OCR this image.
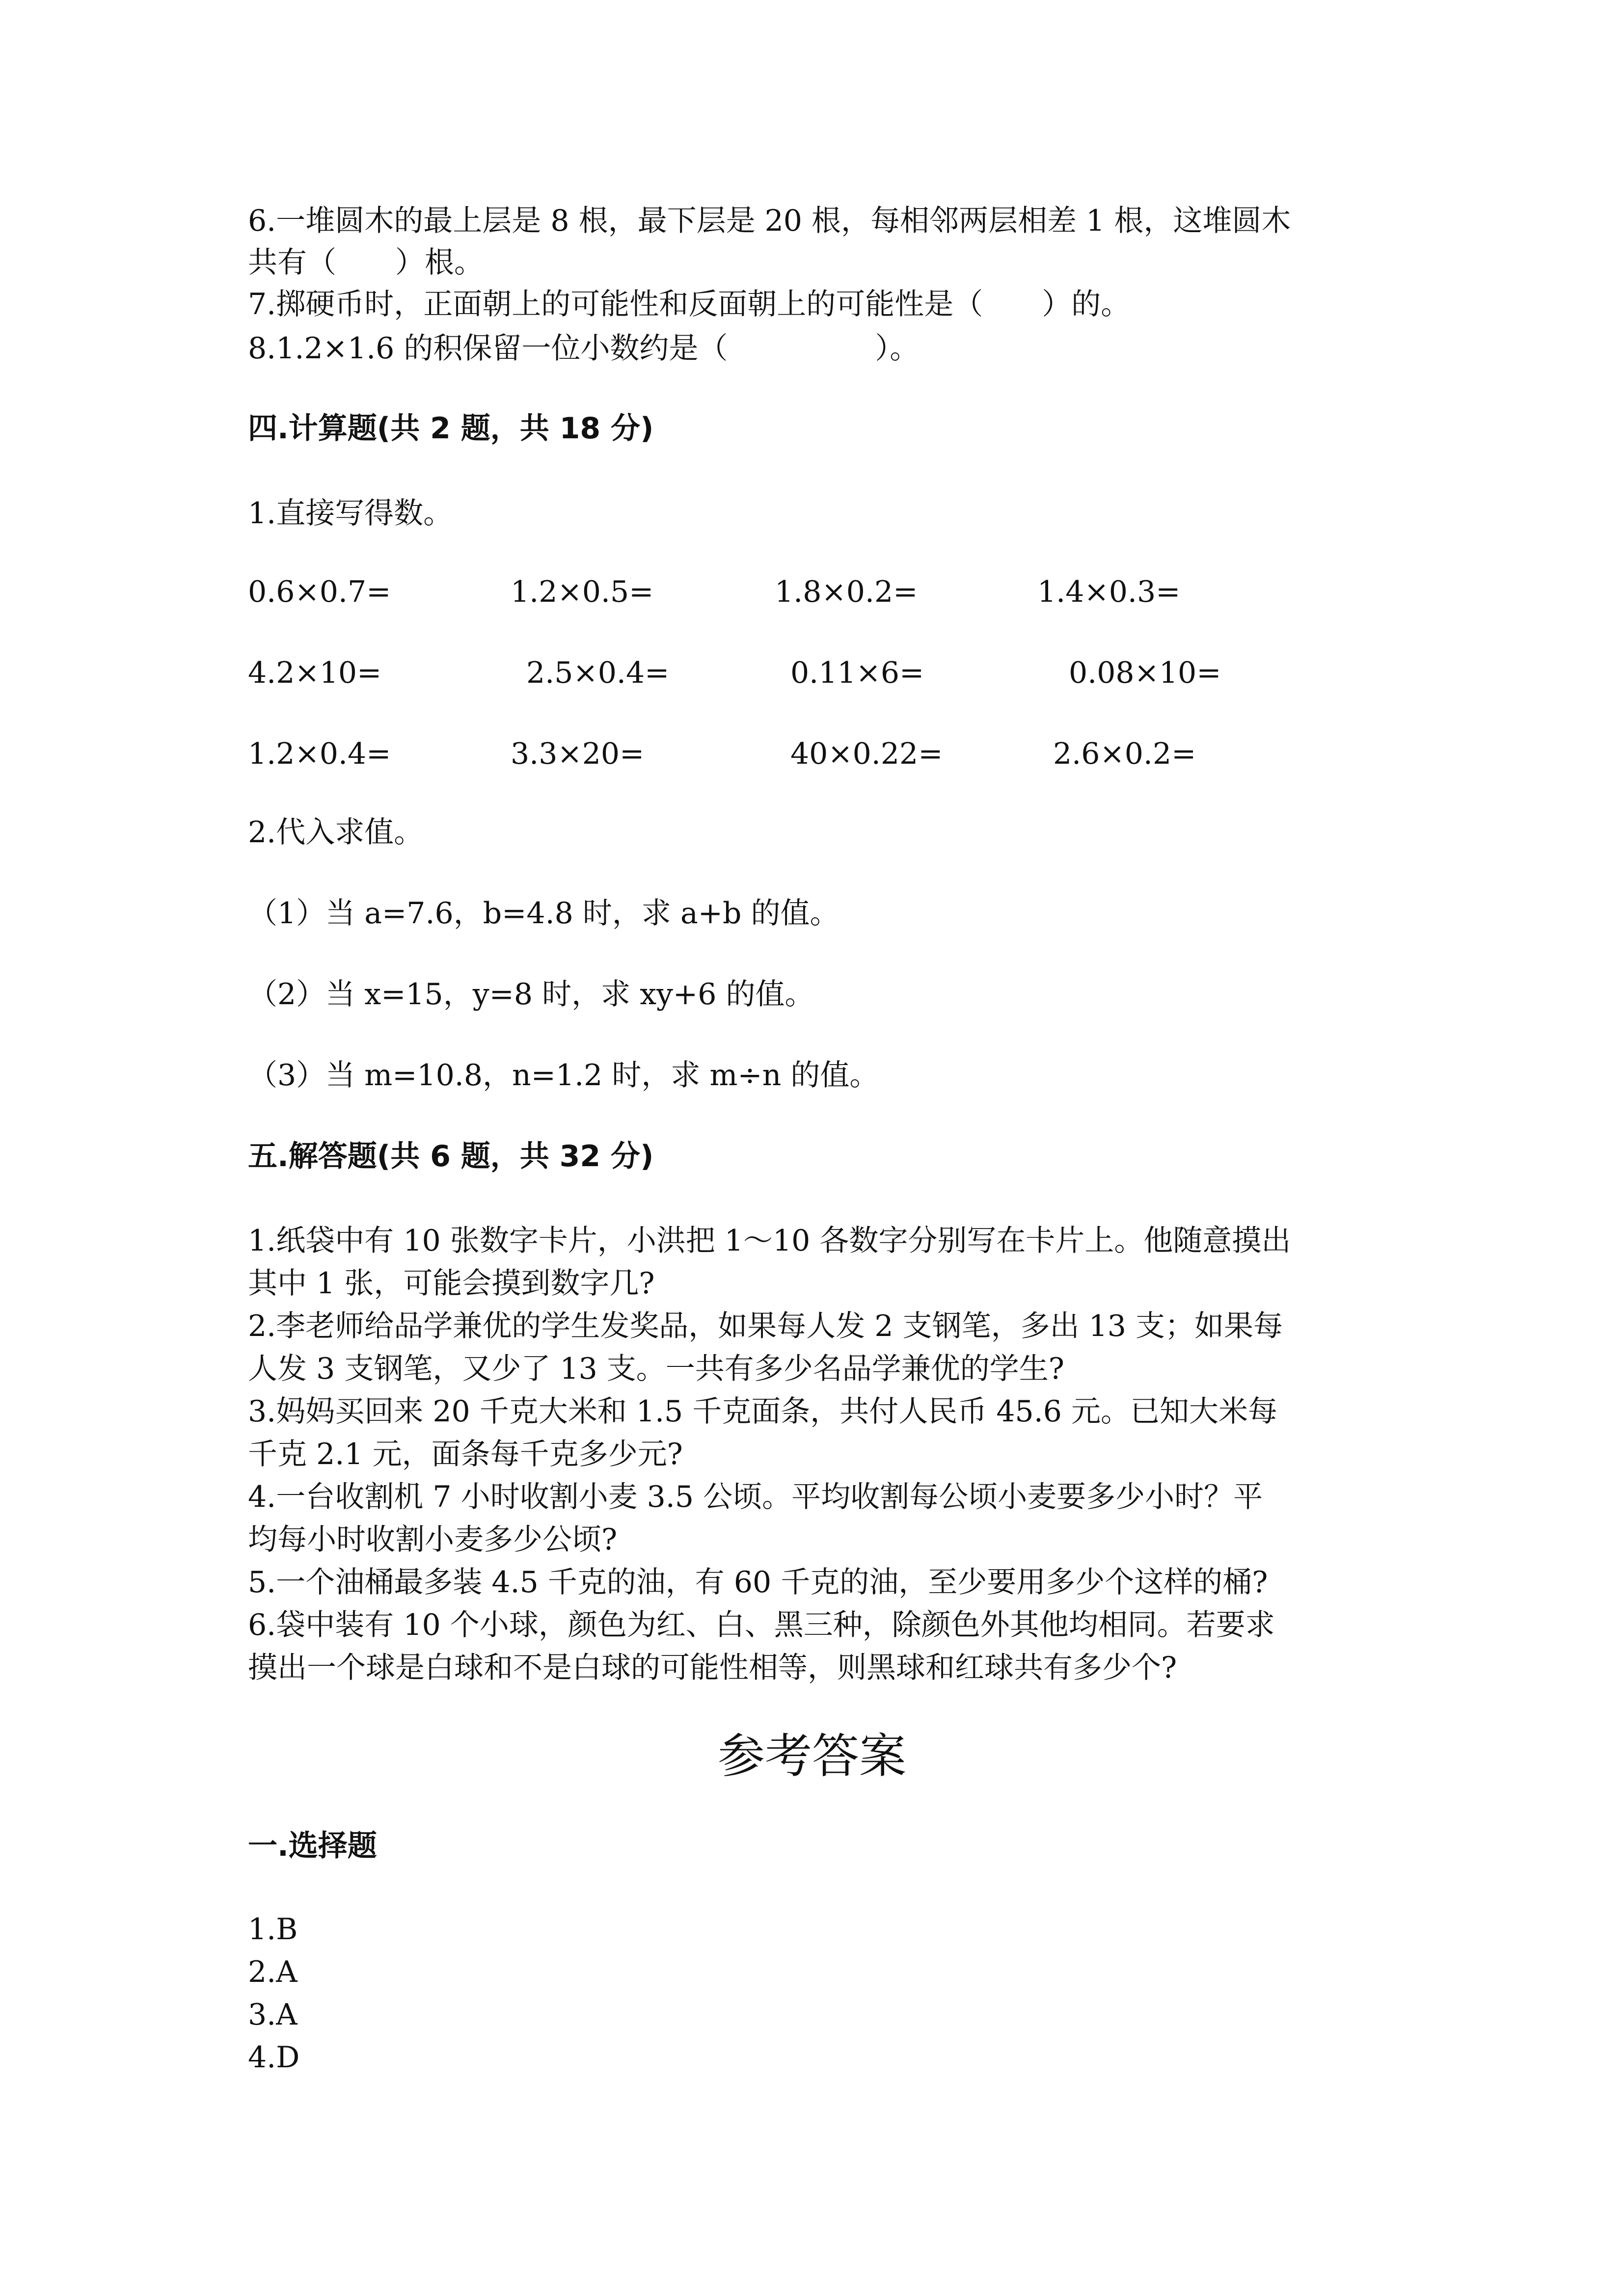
6.一堆圆木的最上层是 8 根，最下层是 20 根，每相邻两层相差 1 根，这堆圆木
共有（　　）根。
7.掷硬币时，正面朝上的可能性和反面朝上的可能性是（　　）的。
8.1.2×1.6 的积保留一位小数约是（　　　　　）。
四.计算题(共 2 题，共 18 分)
1.直接写得数。
0.6×0.7=	1.2×0.5=	1.8×0.2=	1.4×0.3=
4.2×10=	2.5×0.4=	0.11×6=	0.08×10=
1.2×0.4=	3.3×20=	40×0.22=	2.6×0.2=
2.代入求值。
（1）当 a=7.6，b=4.8 时，求 a+b 的值。
（2）当 x=15，y=8 时，求 xy+6 的值。
（3）当 m=10.8，n=1.2 时，求 m÷n 的值。
五.解答题(共 6 题，共 32 分)
1.纸袋中有 10 张数字卡片，小洪把 1～10 各数字分别写在卡片上。他随意摸出
其中 1 张，可能会摸到数字几?
2.李老师给品学兼优的学生发奖品，如果每人发 2 支钢笔，多出 13 支；如果每
人发 3 支钢笔，又少了 13 支。一共有多少名品学兼优的学生?
3.妈妈买回来 20 千克大米和 1.5 千克面条，共付人民币 45.6 元。已知大米每
千克 2.1 元，面条每千克多少元?
4.一台收割机 7 小时收割小麦 3.5 公顷。平均收割每公顷小麦要多少小时？平
均每小时收割小麦多少公顷?
5.一个油桶最多装 4.5 千克的油，有 60 千克的油，至少要用多少个这样的桶?
6.袋中装有 10 个小球，颜色为红、白、黑三种，除颜色外其他均相同。若要求
摸出一个球是白球和不是白球的可能性相等，则黑球和红球共有多少个?
参考答案
一.选择题
1.B
2.A
3.A
4.D
